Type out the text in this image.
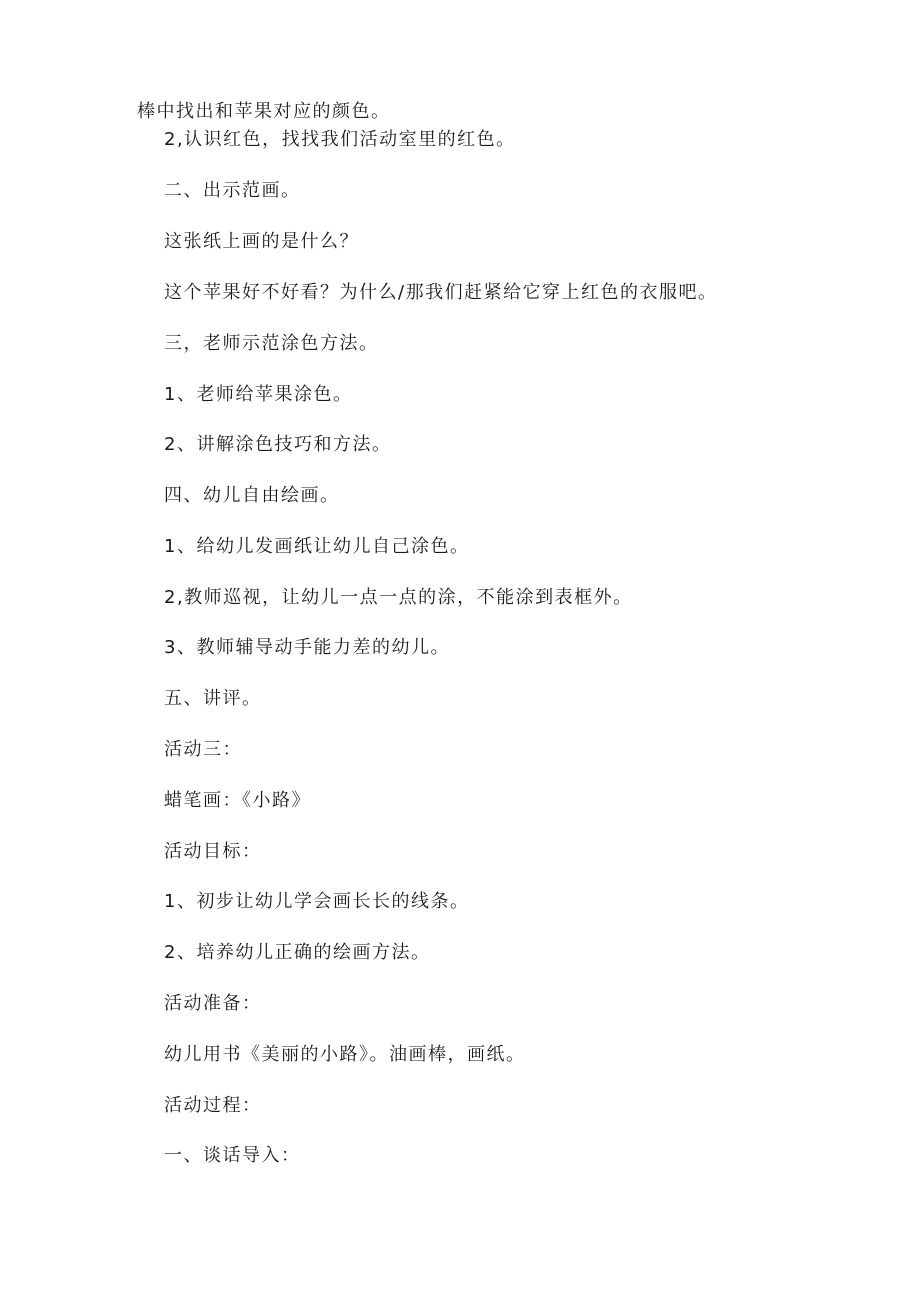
棒中找出和苹果对应的颜色。
2,认识红色，找找我们活动室里的红色。
二、出示范画。
这张纸上画的是什么？
这个苹果好不好看？为什么/那我们赶紧给它穿上红色的衣服吧。
三，老师示范涂色方法。
1、老师给苹果涂色。
2、讲解涂色技巧和方法。
四、幼儿自由绘画。
1、给幼儿发画纸让幼儿自己涂色。
2,教师巡视，让幼儿一点一点的涂，不能涂到表框外。
3、教师辅导动手能力差的幼儿。
五、讲评。
活动三：
蜡笔画：《小路》
活动目标：
1、初步让幼儿学会画长长的线条。
2、培养幼儿正确的绘画方法。
活动准备：
幼儿用书《美丽的小路》。油画棒，画纸。
活动过程：
一、谈话导入：
